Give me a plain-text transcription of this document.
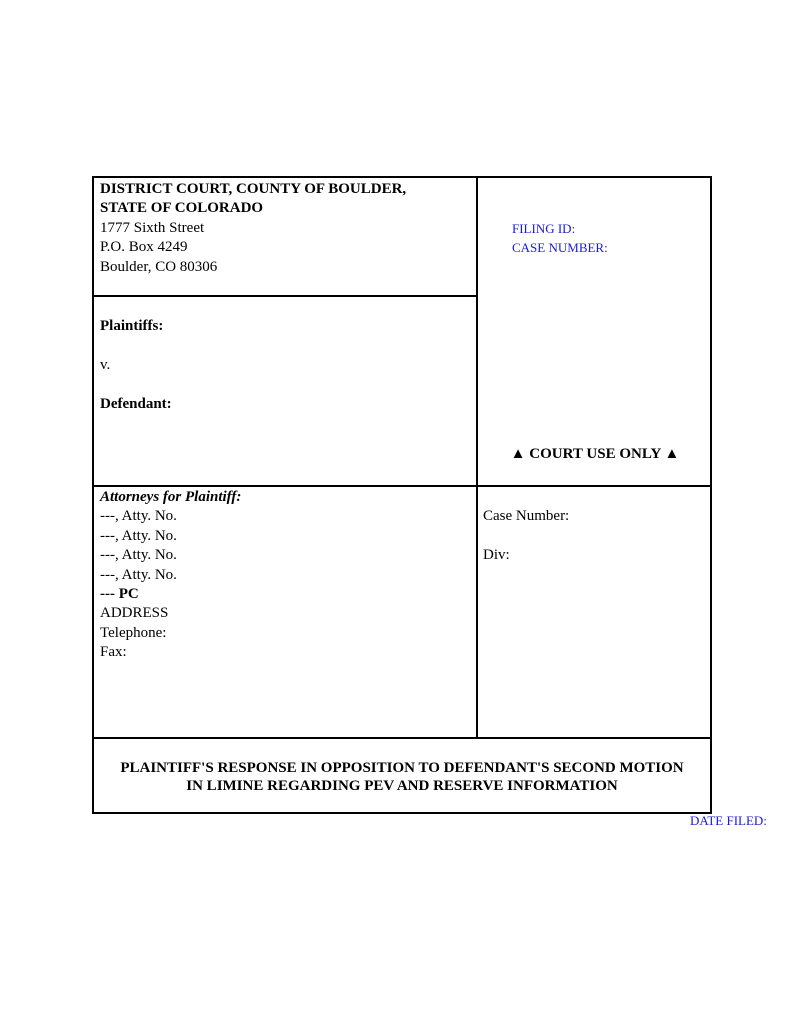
DISTRICT COURT, COUNTY OF BOULDER,
STATE OF COLORADO
1777 Sixth Street
P.O. Box 4249
Boulder, CO 80306
FILING ID:
CASE NUMBER:
Plaintiffs:
v.
Defendant:
▲ COURT USE ONLY ▲
Attorneys for Plaintiff:
---, Atty. No.
---, Atty. No.
---, Atty. No.
---, Atty. No.
--- PC
ADDRESS
Telephone:
Fax:
Case Number:
Div:
PLAINTIFF'S RESPONSE IN OPPOSITION TO DEFENDANT'S SECOND MOTION
IN LIMINE REGARDING PEV AND RESERVE INFORMATION
DATE FILED:
